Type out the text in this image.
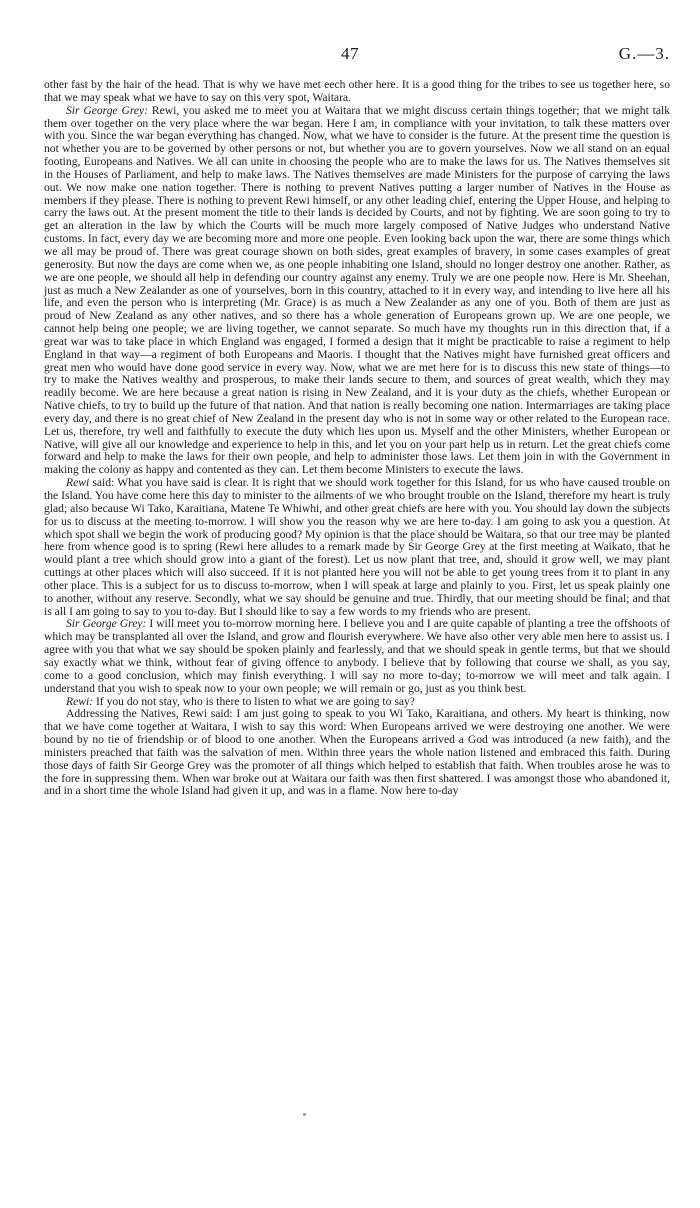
47	G.—3.

other fast by the hair of the head. That is why we have met eech other here. It is a good thing for the tribes to see us together here, so that we may speak what we have to say on this very spot, Waitara.

Sir George Grey: Rewi, you asked me to meet you at Waitara that we might discuss certain things together; that we might talk them over together on the very place where the war began. Here I am, in compliance with your invitation, to talk these matters over with you. Since the war began everything has changed. Now, what we have to consider is the future. At the present time the question is not whether you are to be governed by other persons or not, but whether you are to govern yourselves. Now we all stand on an equal footing, Europeans and Natives. We all can unite in choosing the people who are to make the laws for us. The Natives themselves sit in the Houses of Parliament, and help to make laws. The Natives themselves are made Ministers for the purpose of carrying the laws out. We now make one nation together. There is nothing to prevent Natives putting a larger number of Natives in the House as members if they please. There is nothing to prevent Rewi himself, or any other leading chief, entering the Upper House, and helping to carry the laws out. At the present moment the title to their lands is decided by Courts, and not by fighting. We are soon going to try to get an alteration in the law by which the Courts will be much more largely composed of Native Judges who understand Native customs. In fact, every day we are becoming more and more one people. Even looking back upon the war, there are some things which we all may be proud of. There was great courage shown on both sides, great examples of bravery, in some cases examples of great generosity. But now the days are come when we, as one people inhabiting one Island, should no longer destroy one another. Rather, as we are one people, we should all help in defending our country against any enemy. Truly we are one people now. Here is Mr. Sheehan, just as much a New Zealander as one of yourselves, born in this country, attached to it in every way, and intending to live here all his life, and even the person who is interpreting (Mr. Grace) is as much a New Zealander as any one of you. Both of them are just as proud of New Zealand as any other natives, and so there has a whole generation of Europeans grown up. We are one people, we cannot help being one people; we are living together, we cannot separate. So much have my thoughts run in this direction that, if a great war was to take place in which England was engaged, I formed a design that it might be practicable to raise a regiment to help England in that way—a regiment of both Europeans and Maoris. I thought that the Natives might have furnished great officers and great men who would have done good service in every way. Now, what we are met here for is to discuss this new state of things—to try to make the Natives wealthy and prosperous, to make their lands secure to them, and sources of great wealth, which they may readily become. We are here because a great nation is rising in New Zealand, and it is your duty as the chiefs, whether European or Native chiefs, to try to build up the future of that nation. And that nation is really becoming one nation. Intermarriages are taking place every day, and there is no great chief of New Zealand in the present day who is not in some way or other related to the European race. Let us, therefore, try well and faithfully to execute the duty which lies upon us. Myself and the other Ministers, whether European or Native, will give all our knowledge and experience to help in this, and let you on your part help us in return. Let the great chiefs come forward and help to make the laws for their own people, and help to administer those laws. Let them join in with the Government in making the colony as happy and contented as they can. Let them become Ministers to execute the laws.

Rewi said: What you have said is clear. It is right that we should work together for this Island, for us who have caused trouble on the Island. You have come here this day to minister to the ailments of we who brought trouble on the Island, therefore my heart is truly glad; also because Wi Tako, Karaitiana, Matene Te Whiwhi, and other great chiefs are here with you. You should lay down the subjects for us to discuss at the meeting to-morrow. I will show you the reason why we are here to-day. I am going to ask you a question. At which spot shall we begin the work of producing good? My opinion is that the place should be Waitara, so that our tree may be planted here from whence good is to spring (Rewi here alludes to a remark made by Sir George Grey at the first meeting at Waikato, that he would plant a tree which should grow into a giant of the forest). Let us now plant that tree, and, should it grow well, we may plant cuttings at other places which will also succeed. If it is not planted here you will not be able to get young trees from it to plant in any other place. This is a subject for us to discuss to-morrow, when I will speak at large and plainly to you. First, let us speak plainly one to another, without any reserve. Secondly, what we say should be genuine and true. Thirdly, that our meeting should be final; and that is all I am going to say to you to-day. But I should like to say a few words to my friends who are present.

Sir George Grey: I will meet you to-morrow morning here. I believe you and I are quite capable of planting a tree the offshoots of which may be transplanted all over the Island, and grow and flourish everywhere. We have also other very able men here to assist us. I agree with you that what we say should be spoken plainly and fearlessly, and that we should speak in gentle terms, but that we should say exactly what we think, without fear of giving offence to anybody. I believe that by following that course we shall, as you say, come to a good conclusion, which may finish everything. I will say no more to-day; to-morrow we will meet and talk again. I understand that you wish to speak now to your own people; we will remain or go, just as you think best.

Rewi: If you do not stay, who is there to listen to what we are going to say?

Addressing the Natives, Rewi said: I am just going to speak to you Wi Tako, Karaitiana, and others. My heart is thinking, now that we have come together at Waitara, I wish to say this word: When Europeans arrived we were destroying one another. We were bound by no tie of friendship or of blood to one another. When the Europeans arrived a God was introduced (a new faith), and the ministers preached that faith was the salvation of men. Within three years the whole nation listened and embraced this faith. During those days of faith Sir George Grey was the promoter of all things which helped to establish that faith. When troubles arose he was to the fore in suppressing them. When war broke out at Waitara our faith was then first shattered. I was amongst those who abandoned it, and in a short time the whole Island had given it up, and was in a flame. Now here to-day
